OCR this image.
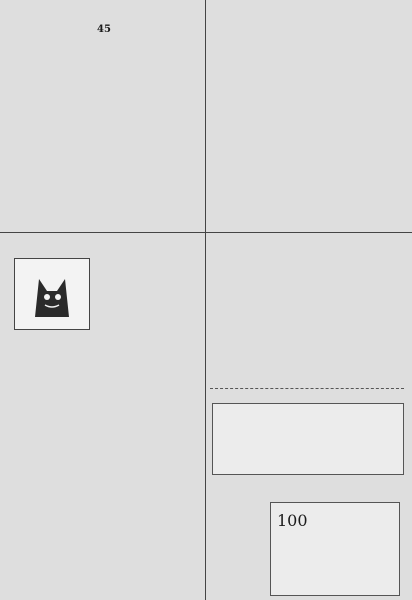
45
100
